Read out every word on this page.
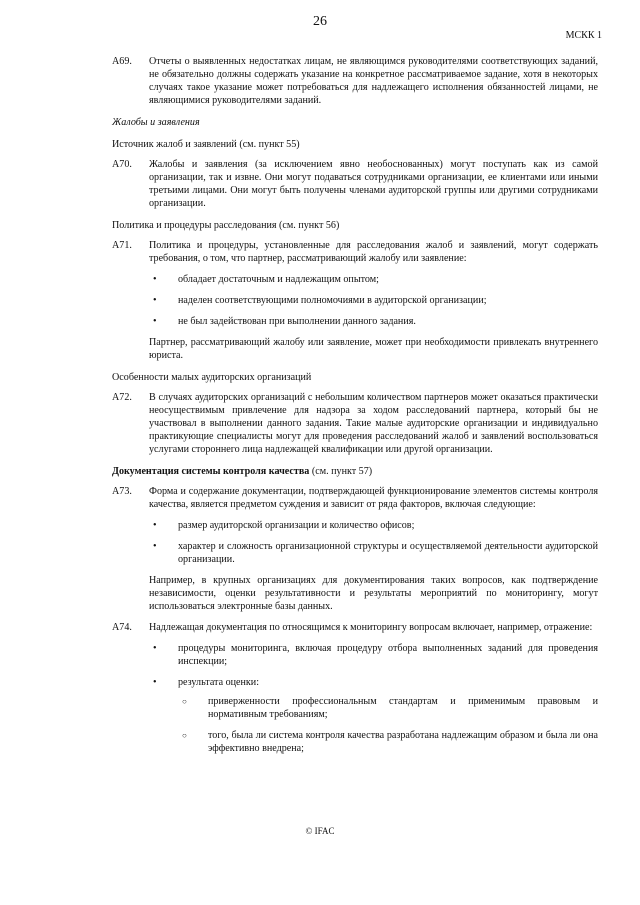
26
МСКК 1
A69.	Отчеты о выявленных недостатках лицам, не являющимся руководителями соответствующих заданий, не обязательно должны содержать указание на конкретное рассматриваемое задание, хотя в некоторых случаях такое указание может потребоваться для надлежащего исполнения обязанностей лицами, не являющимися руководителями заданий.
Жалобы и заявления
Источник жалоб и заявлений (см. пункт 55)
A70.	Жалобы и заявления (за исключением явно необоснованных) могут поступать как из самой организации, так и извне. Они могут подаваться сотрудниками организации, ее клиентами или иными третьими лицами. Они могут быть получены членами аудиторской группы или другими сотрудниками организации.
Политика и процедуры расследования (см. пункт 56)
A71.	Политика и процедуры, установленные для расследования жалоб и заявлений, могут содержать требования, о том, что партнер, рассматривающий жалобу или заявление:
•	обладает достаточным и надлежащим опытом;
•	наделен соответствующими полномочиями в аудиторской организации;
•	не был задействован при выполнении данного задания.
Партнер, рассматривающий жалобу или заявление, может при необходимости привлекать внутреннего юриста.
Особенности малых аудиторских организаций
A72.	В случаях аудиторских организаций с небольшим количеством партнеров может оказаться практически неосуществимым привлечение для надзора за ходом расследований партнера, который бы не участвовал в выполнении данного задания. Такие малые аудиторские организации и индивидуально практикующие специалисты могут для проведения расследований жалоб и заявлений воспользоваться услугами стороннего лица надлежащей квалификации или другой организации.
Документация системы контроля качества (см. пункт 57)
A73.	Форма и содержание документации, подтверждающей функционирование элементов системы контроля качества, является предметом суждения и зависит от ряда факторов, включая следующие:
•	размер аудиторской организации и количество офисов;
•	характер и сложность организационной структуры и осуществляемой деятельности аудиторской организации.
Например, в крупных организациях для документирования таких вопросов, как подтверждение независимости, оценки результативности и результаты мероприятий по мониторингу, могут использоваться электронные базы данных.
A74.	Надлежащая документация по относящимся к мониторингу вопросам включает, например, отражение:
•	процедуры мониторинга, включая процедуру отбора выполненных заданий для проведения инспекции;
•	результата оценки:
○	приверженности профессиональным стандартам и применимым правовым и нормативным требованиям;
○	того, была ли система контроля качества разработана надлежащим образом и была ли она эффективно внедрена;
© IFAC
